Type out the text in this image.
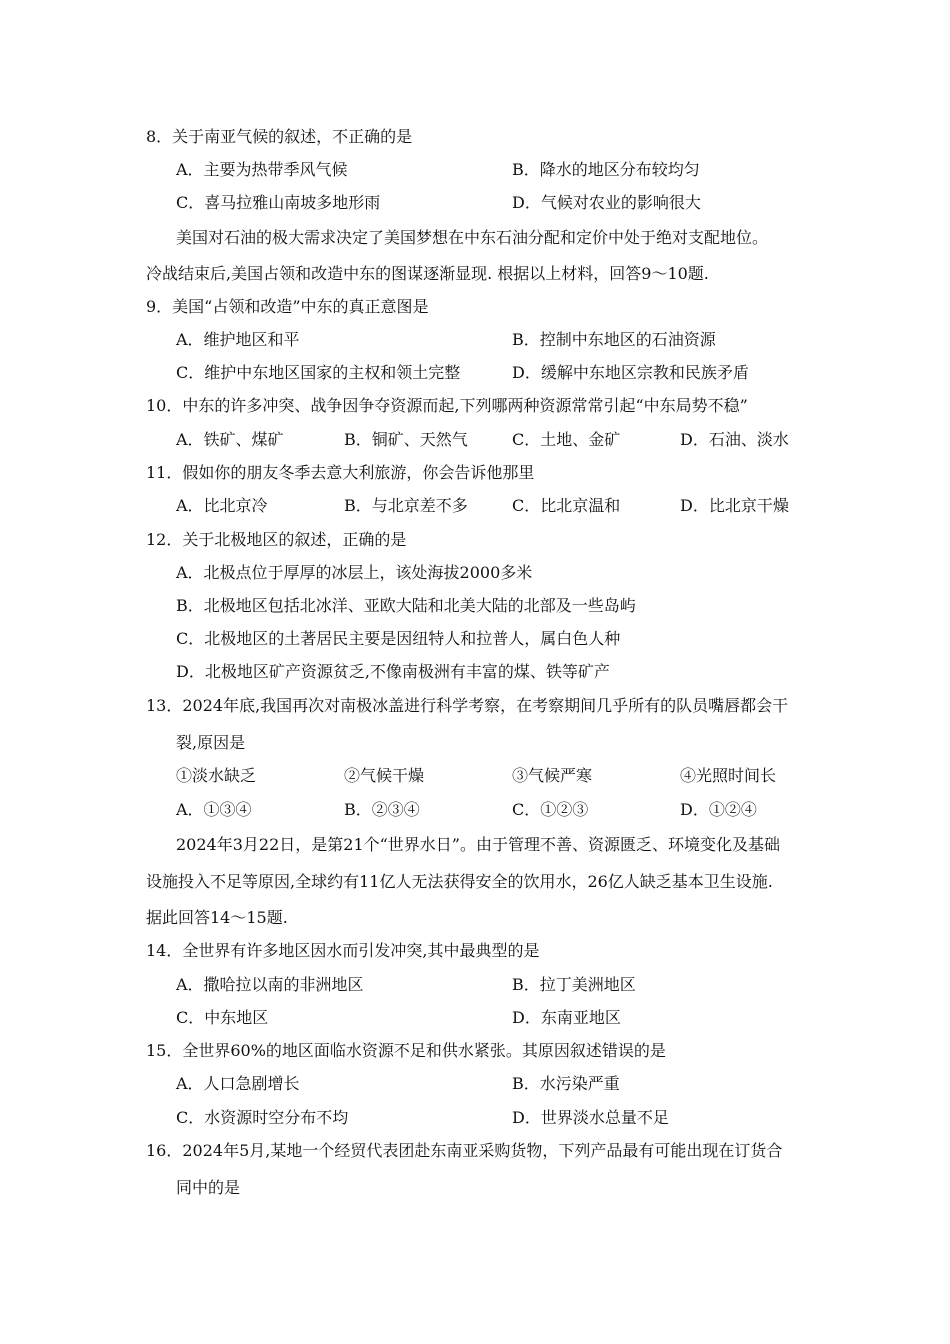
8．关于南亚气候的叙述，不正确的是
A．主要为热带季风气候	B．降水的地区分布较均匀
C．喜马拉雅山南坡多地形雨	D．气候对农业的影响很大
美国对石油的极大需求决定了美国梦想在中东石油分配和定价中处于绝对支配地位。
冷战结束后,美国占领和改造中东的图谋逐渐显现. 根据以上材料，回答9～10题.
9．美国“占领和改造”中东的真正意图是
A．维护地区和平	B．控制中东地区的石油资源
C．维护中东地区国家的主权和领土完整	D．缓解中东地区宗教和民族矛盾
10．中东的许多冲突、战争因争夺资源而起,下列哪两种资源常常引起“中东局势不稳”
A．铁矿、煤矿	B．铜矿、天然气	C．土地、金矿	D．石油、淡水
11．假如你的朋友冬季去意大利旅游，你会告诉他那里
A．比北京冷	B．与北京差不多	C．比北京温和	D．比北京干燥
12．关于北极地区的叙述，正确的是
A．北极点位于厚厚的冰层上，该处海拔2000多米
B．北极地区包括北冰洋、亚欧大陆和北美大陆的北部及一些岛屿
C．北极地区的土著居民主要是因纽特人和拉普人，属白色人种
D．北极地区矿产资源贫乏,不像南极洲有丰富的煤、铁等矿产
13．2024年底,我国再次对南极冰盖进行科学考察，在考察期间几乎所有的队员嘴唇都会干
裂,原因是
①淡水缺乏	②气候干燥	③气候严寒	④光照时间长
A．①③④	B．②③④	C．①②③	D．①②④
2024年3月22日，是第21个“世界水日”。由于管理不善、资源匮乏、环境变化及基础
设施投入不足等原因,全球约有11亿人无法获得安全的饮用水，26亿人缺乏基本卫生设施.
据此回答14～15题.
14．全世界有许多地区因水而引发冲突,其中最典型的是
A．撒哈拉以南的非洲地区	B．拉丁美洲地区
C．中东地区	D．东南亚地区
15．全世界60%的地区面临水资源不足和供水紧张。其原因叙述错误的是
A．人口急剧增长	B．水污染严重
C．水资源时空分布不均	D．世界淡水总量不足
16．2024年5月,某地一个经贸代表团赴东南亚采购货物，下列产品最有可能出现在订货合
同中的是
